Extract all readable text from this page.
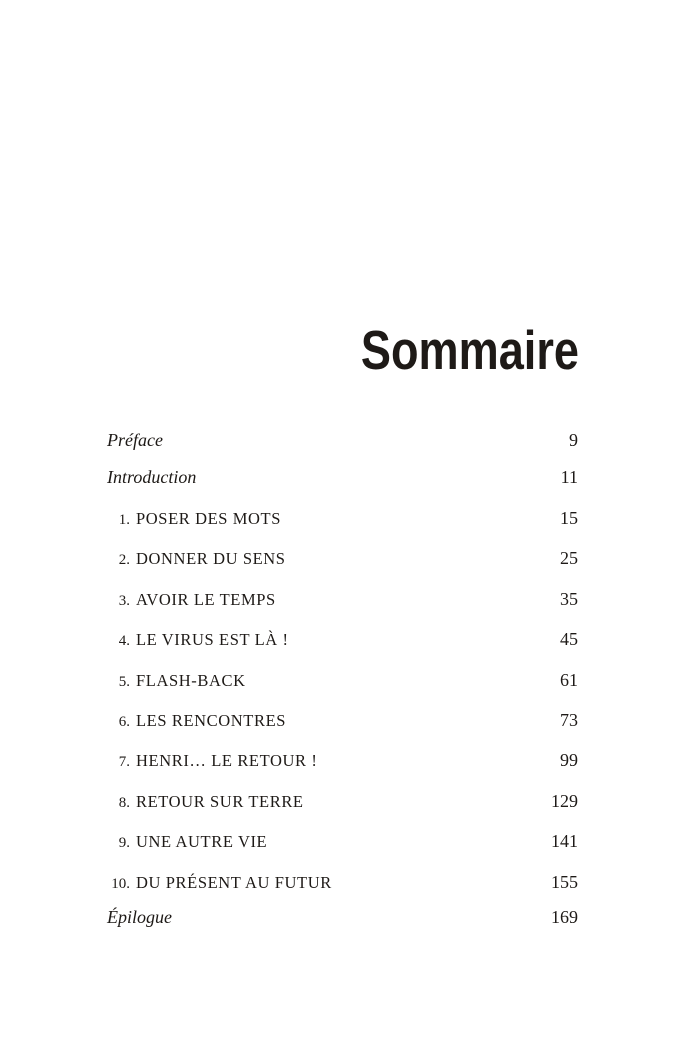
Sommaire
Préface	9
Introduction	11
1. POSER DES MOTS	15
2. DONNER DU SENS	25
3. AVOIR LE TEMPS	35
4. LE VIRUS EST LÀ !	45
5. FLASH-BACK	61
6. LES RENCONTRES	73
7. HENRI… LE RETOUR !	99
8. RETOUR SUR TERRE	129
9. UNE AUTRE VIE	141
10. DU PRÉSENT AU FUTUR	155
Épilogue	169
